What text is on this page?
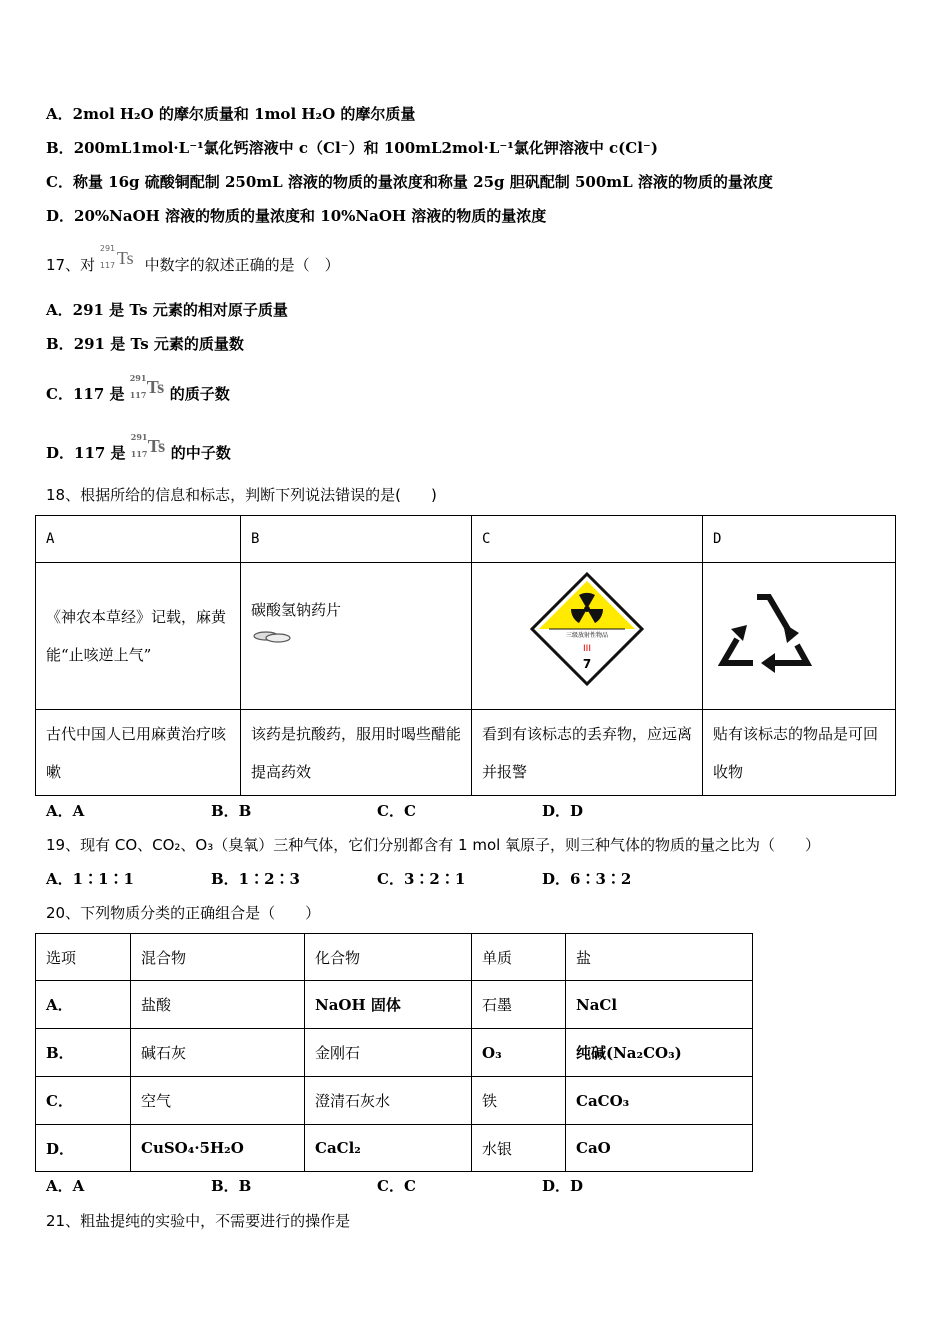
A．2mol H₂O 的摩尔质量和 1mol H₂O 的摩尔质量
B．200mL1mol·L⁻¹氯化钙溶液中 c（Cl⁻）和 100mL2mol·L⁻¹氯化钾溶液中 c(Cl⁻)
C．称量 16g 硫酸铜配制 250mL 溶液的物质的量浓度和称量 25g 胆矾配制 500mL 溶液的物质的量浓度
D．20%NaOH 溶液的物质的量浓度和 10%NaOH 溶液的物质的量浓度
17、对
291
117 Ts 中数字的叙述正确的是（　）
A．291 是 Ts 元素的相对原子质量
B．291 是 Ts 元素的质量数
C．117 是
291
117 Ts 的质子数
D．117 是
291
117 Ts 的中子数
18、根据所给的信息和标志，判断下列说法错误的是(　　)
A	B	C	D
《神农本草经》记载，麻黄能“止咳逆上气”	碳酸氢钠药片	三级放射性物品
III
7

古代中国人已用麻黄治疗咳嗽	该药是抗酸药，服用时喝些醋能提高药效	看到有该标志的丢弃物，应远离并报警	贴有该标志的物品是可回收物
A．A	B．B	C．C	D．D
19、现有 CO、CO₂、O₃（臭氧）三种气体，它们分别都含有 1 mol 氧原子，则三种气体的物质的量之比为（　　）
A．1∶1∶1	B．1∶2∶3	C．3∶2∶1	D．6∶3∶2
20、下列物质分类的正确组合是（　　）
选项	混合物	化合物	单质	盐
A．	盐酸	NaOH 固体	石墨	NaCl
B．	碱石灰	金刚石	O₃	纯碱(Na₂CO₃)
C．	空气	澄清石灰水	铁	CaCO₃
D．	CuSO₄·5H₂O	CaCl₂	水银	CaO
A．A	B．B	C．C	D．D
21、粗盐提纯的实验中，不需要进行的操作是
